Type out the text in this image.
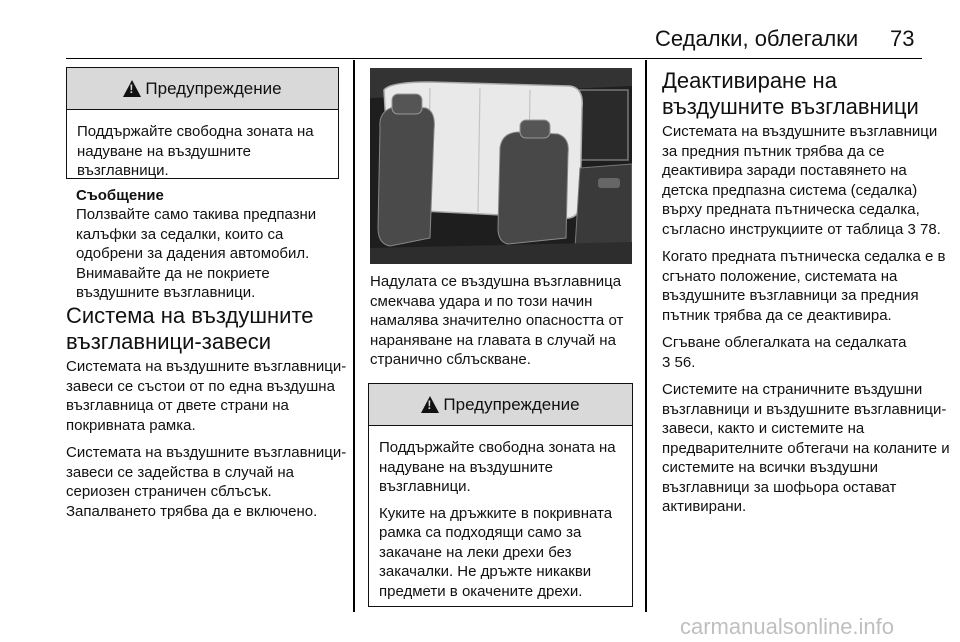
Седалки, облегалки 73
!
Предупреждение

Поддържайте свободна зоната на надуване на въздушните възглавници.

Съобщение
Ползвайте само такива предпазни калъфки за седалки, които са одобрени за дадения автомобил. Внимавайте да не покриете въздушните възглавници.
Система на въздушните възглавници-завеси

Системата на въздушните възглавници-завеси се състои от по една въздушна възглавница от двете страни на покривната рамка.

Системата на въздушните възглавници-завеси се задейства в случай на сериозен страничен сблъсък. Запалването трябва да е включено.

Надулата се въздушна възглавница смекчава удара и по този начин намалява значително опасността от нараняване на главата в случай на странично сблъскване.

!
Предупреждение

Поддържайте свободна зоната на надуване на въздушните възглавници.

Куките на дръжките в покривната рамка са подходящи само за закачане на леки дрехи без закачалки. Не дръжте никакви предмети в окачените дрехи.

Деактивиране на въздушните възглавници

Системата на въздушните възглавници за предния пътник трябва да се деактивира заради поставянето на детска предпазна система (седалка) върху предната пътническа седалка, съгласно инструкциите от таблица 3 78.

Когато предната пътническа седалка е в сгънато положение, системата на въздушните възглавници за предния пътник трябва да се деактивира.

Сгъване облегалката на седалката
3 56.

Системите на страничните въздушни възглавници и въздушните възглавници-завеси, както и системите на предварителните обтегачи на коланите и системите на всички въздушни възглавници за шофьора остават активирани.

carmanualsonline.info
